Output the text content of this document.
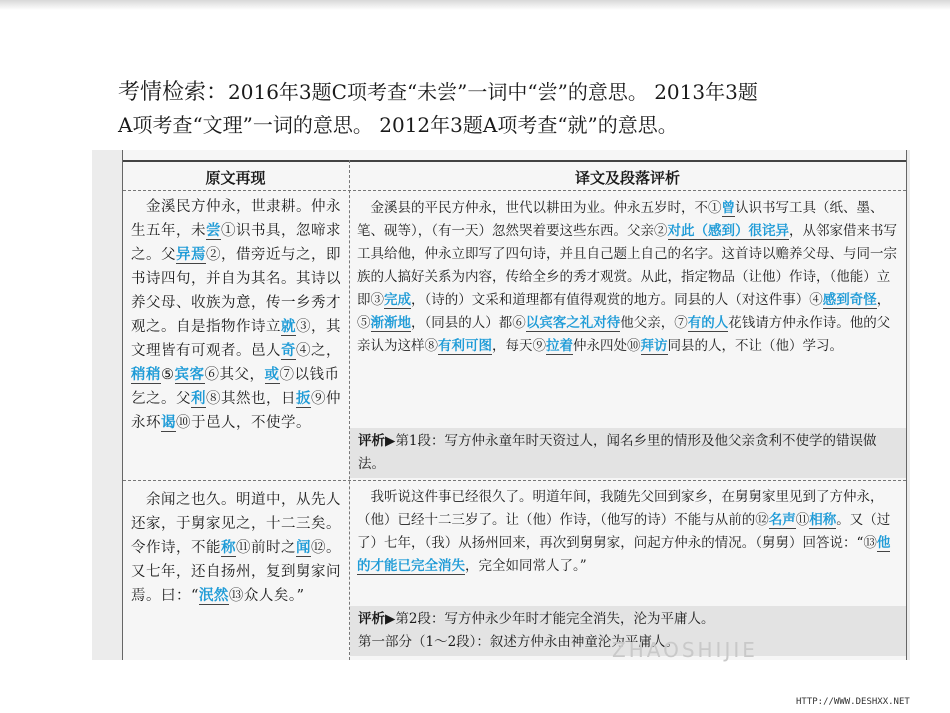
考情检索：2016年3题C项考查“未尝”一词中“尝”的意思。 2013年3题
A项考查“文理”一词的意思。 2012年3题A项考查“就”的意思。
原文再现	译文及段落评析
　金溪民方仲永，世隶耕。仲永生五年，未尝①识书具，忽啼求之。父异焉②，借旁近与之，即书诗四句，并自为其名。其诗以养父母、收族为意，传一乡秀才观之。自是指物作诗立就③，其文理皆有可观者。邑人奇④之，稍稍⑤宾客⑥其父，或⑦以钱币乞之。父利⑧其然也，日扳⑨仲永环谒⑩于邑人，不使学。
　金溪县的平民方仲永，世代以耕田为业。仲永五岁时，不①曾认识书写工具（纸、墨、笔、砚等），（有一天）忽然哭着要这些东西。父亲②对此（感到）很诧异，从邻家借来书写工具给他，仲永立即写了四句诗，并且自己题上自己的名字。这首诗以赡养父母、与同一宗族的人搞好关系为内容，传给全乡的秀才观赏。从此，指定物品（让他）作诗，（他能）立即③完成，（诗的）文采和道理都有值得观赏的地方。同县的人（对这件事）④感到奇怪，⑤渐渐地，（同县的人）都⑥以宾客之礼对待他父亲，⑦有的人花钱请方仲永作诗。他的父亲认为这样⑧有利可图，每天⑨拉着仲永四处⑩拜访同县的人，不让（他）学习。
评析▶第1段：写方仲永童年时天资过人，闻名乡里的情形及他父亲贪利不使学的错误做法。
　余闻之也久。明道中，从先人还家，于舅家见之，十二三矣。令作诗，不能称⑪前时之闻⑫。又七年，还自扬州，复到舅家问焉。曰：“泯然⑬众人矣。”
　我听说这件事已经很久了。明道年间，我随先父回到家乡，在舅舅家里见到了方仲永，（他）已经十二三岁了。让（他）作诗，（他写的诗）不能与从前的⑫名声⑪相称。又（过了）七年，（我）从扬州回来，再次到舅舅家，问起方仲永的情况。（舅舅）回答说：“⑬他的才能已完全消失，完全如同常人了。”
评析▶第2段：写方仲永少年时才能完全消失，沦为平庸人。
第一部分（1～2段）：叙述方仲永由神童沦为平庸人。
ZHAOSHIJIE
HTTP://WWW.DESHXX.NET
